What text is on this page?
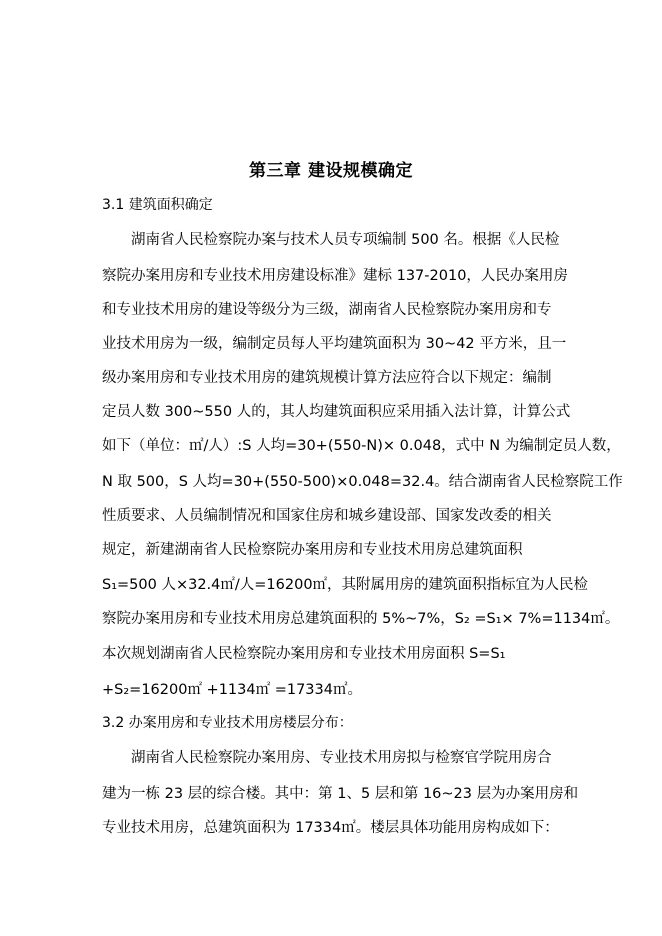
第三章 建设规模确定
3.1 建筑面积确定
湖南省人民检察院办案与技术人员专项编制 500 名。根据《人民检
察院办案用房和专业技术用房建设标准》建标 137-2010，人民办案用房
和专业技术用房的建设等级分为三级，湖南省人民检察院办案用房和专
业技术用房为一级，编制定员每人平均建筑面积为 30~42 平方米，且一
级办案用房和专业技术用房的建筑规模计算方法应符合以下规定：编制
定员人数 300~550 人的，其人均建筑面积应采用插入法计算，计算公式
如下（单位：㎡/人）:S 人均=30+(550-N)× 0.048，式中 N 为编制定员人数，
N 取 500，S 人均=30+(550-500)×0.048=32.4。结合湖南省人民检察院工作
性质要求、人员编制情况和国家住房和城乡建设部、国家发改委的相关
规定，新建湖南省人民检察院办案用房和专业技术用房总建筑面积
S₁=500 人×32.4㎡/人=16200㎡，其附属用房的建筑面积指标宜为人民检
察院办案用房和专业技术用房总建筑面积的 5%~7%，S₂ =S₁× 7%=1134㎡。
本次规划湖南省人民检察院办案用房和专业技术用房面积 S=S₁
+S₂=16200㎡ +1134㎡ =17334㎡。
3.2 办案用房和专业技术用房楼层分布：
湖南省人民检察院办案用房、专业技术用房拟与检察官学院用房合
建为一栋 23 层的综合楼。其中：第 1、5 层和第 16~23 层为办案用房和
专业技术用房，总建筑面积为 17334㎡。楼层具体功能用房构成如下：
